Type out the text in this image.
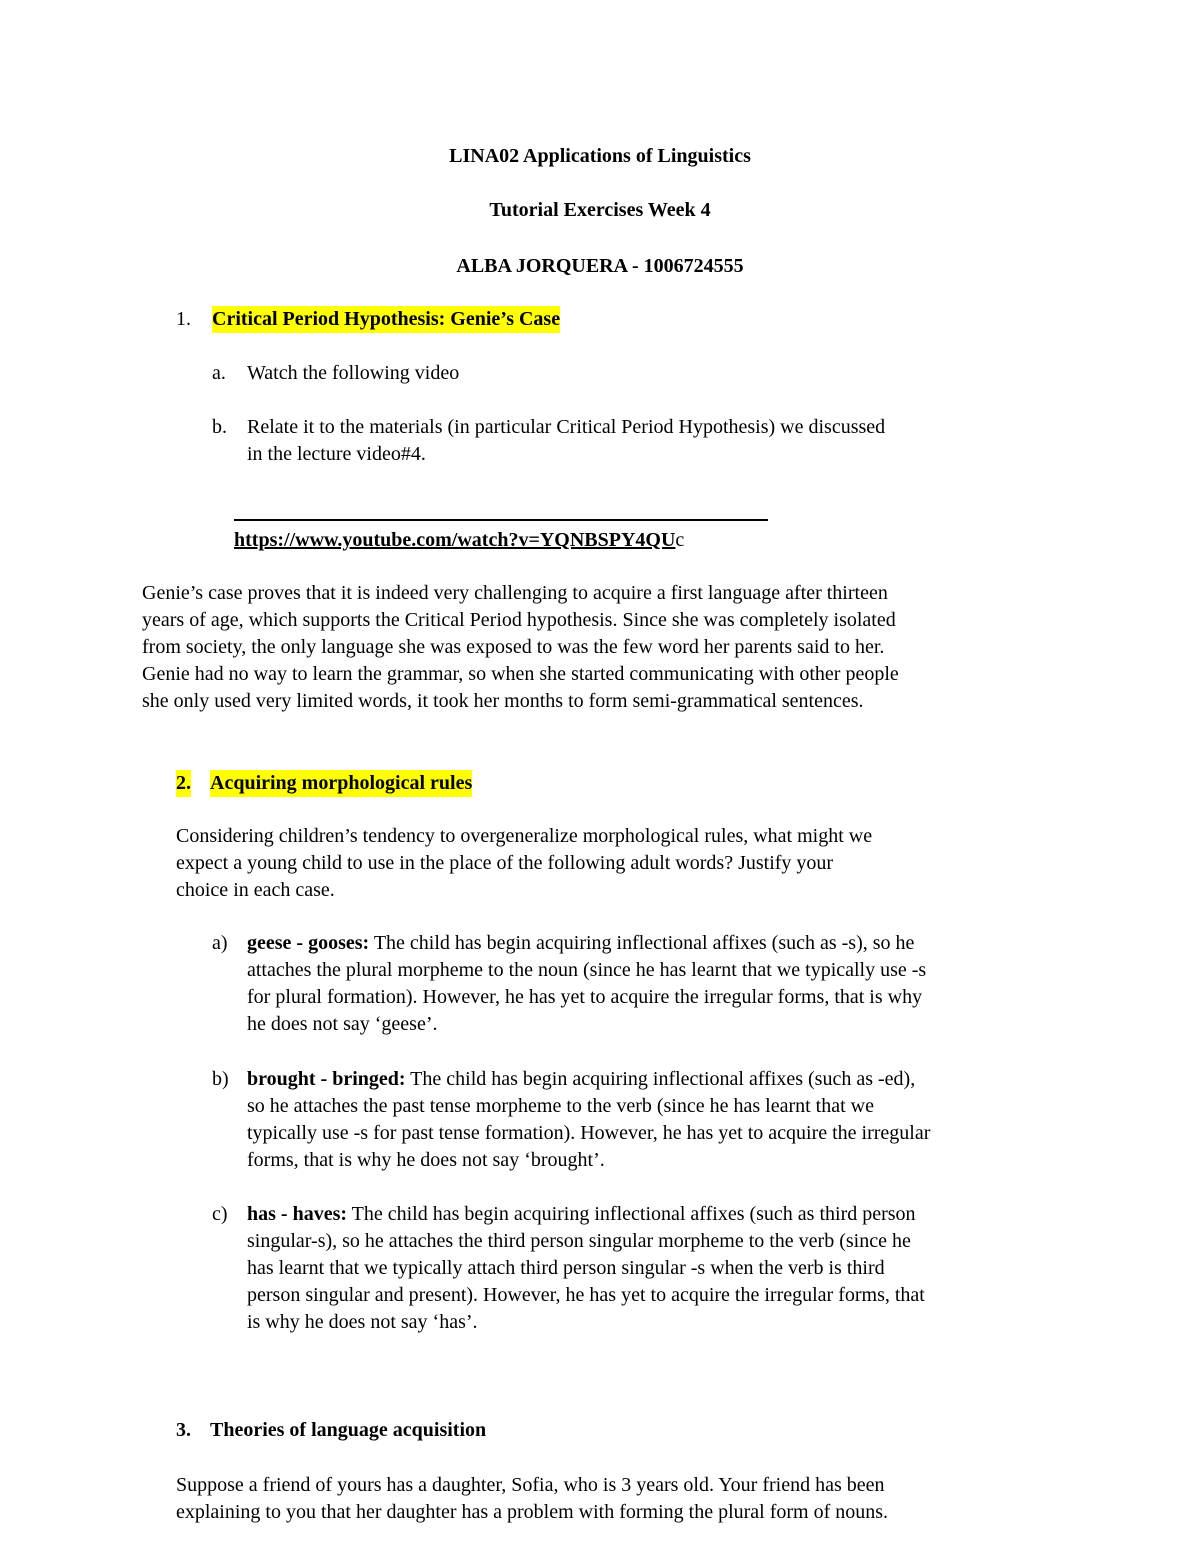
LINA02 Applications of Linguistics
Tutorial Exercises Week 4
ALBA JORQUERA - 1006724555
1. Critical Period Hypothesis: Genie’s Case
a. Watch the following video
b. Relate it to the materials (in particular Critical Period Hypothesis) we discussed
in the lecture video#4.
https://www.youtube.com/watch?v=YQNBSPY4QUc
Genie’s case proves that it is indeed very challenging to acquire a first language after thirteen
years of age, which supports the Critical Period hypothesis. Since she was completely isolated
from society, the only language she was exposed to was the few word her parents said to her.
Genie had no way to learn the grammar, so when she started communicating with other people
she only used very limited words, it took her months to form semi-grammatical sentences.
2. Acquiring morphological rules
Considering children’s tendency to overgeneralize morphological rules, what might we
expect a young child to use in the place of the following adult words? Justify your
choice in each case.
a) geese - gooses: The child has begin acquiring inflectional affixes (such as -s), so he
attaches the plural morpheme to the noun (since he has learnt that we typically use -s
for plural formation). However, he has yet to acquire the irregular forms, that is why
he does not say ‘geese’.
b) brought - bringed: The child has begin acquiring inflectional affixes (such as -ed),
so he attaches the past tense morpheme to the verb (since he has learnt that we
typically use -s for past tense formation). However, he has yet to acquire the irregular
forms, that is why he does not say ‘brought’.
c) has - haves: The child has begin acquiring inflectional affixes (such as third person
singular-s), so he attaches the third person singular morpheme to the verb (since he
has learnt that we typically attach third person singular -s when the verb is third
person singular and present). However, he has yet to acquire the irregular forms, that
is why he does not say ‘has’.
3. Theories of language acquisition
Suppose a friend of yours has a daughter, Sofia, who is 3 years old. Your friend has been
explaining to you that her daughter has a problem with forming the plural form of nouns.
